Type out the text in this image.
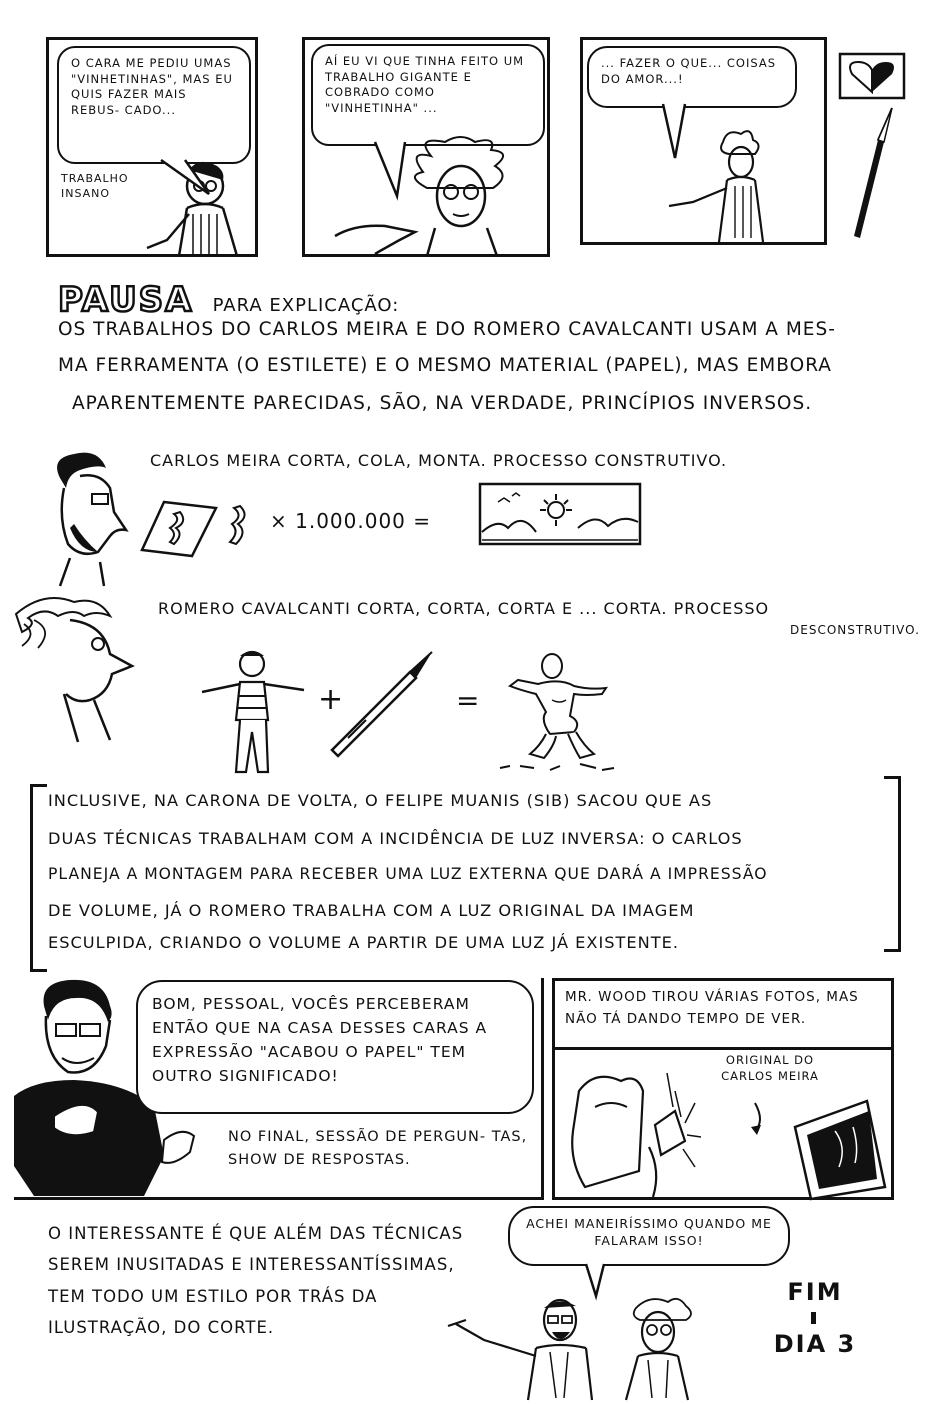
O CARA ME PEDIU UMAS "VINHETINHAS", MAS EU QUIS FAZER MAIS REBUS- CADO...
TRABALHO INSANO
AÍ EU VI QUE TINHA FEITO UM TRABALHO GIGANTE E COBRADO COMO "VINHETINHA" ...
... FAZER O QUE... COISAS DO AMOR...!
PAUSA PARA EXPLICAÇÃO:
OS TRABALHOS DO CARLOS MEIRA E DO ROMERO CAVALCANTI USAM A MES-
MA FERRAMENTA (O ESTILETE) E O MESMO MATERIAL (PAPEL), MAS EMBORA
APARENTEMENTE PARECIDAS, SÃO, NA VERDADE, PRINCÍPIOS INVERSOS.
CARLOS MEIRA CORTA, COLA, MONTA. PROCESSO CONSTRUTIVO.
× 1.000.000 =
ROMERO CAVALCANTI CORTA, CORTA, CORTA E ... CORTA. PROCESSO
DESCONSTRUTIVO.
+	=
INCLUSIVE, NA CARONA DE VOLTA, O FELIPE MUANIS (SIB) SACOU QUE AS
DUAS TÉCNICAS TRABALHAM COM A INCIDÊNCIA DE LUZ INVERSA: O CARLOS
PLANEJA A MONTAGEM PARA RECEBER UMA LUZ EXTERNA QUE DARÁ A IMPRESSÃO
DE VOLUME, JÁ O ROMERO TRABALHA COM A LUZ ORIGINAL DA IMAGEM
ESCULPIDA, CRIANDO O VOLUME A PARTIR DE UMA LUZ JÁ EXISTENTE.
BOM, PESSOAL, VOCÊS PERCEBERAM ENTÃO QUE NA CASA DESSES CARAS A EXPRESSÃO "ACABOU O PAPEL" TEM OUTRO SIGNIFICADO!
NO FINAL, SESSÃO DE PERGUN- TAS, SHOW DE RESPOSTAS.
MR. WOOD TIROU VÁRIAS FOTOS, MAS NÃO TÁ DANDO TEMPO DE VER.
ORIGINAL DO CARLOS MEIRA
O INTERESSANTE É QUE ALÉM DAS TÉCNICAS SEREM INUSITADAS E INTERESSANTÍSSIMAS, TEM TODO UM ESTILO POR TRÁS DA ILUSTRAÇÃO, DO CORTE.
ACHEI MANEIRÍSSIMO QUANDO ME FALARAM ISSO!
FIM
DIA 3
